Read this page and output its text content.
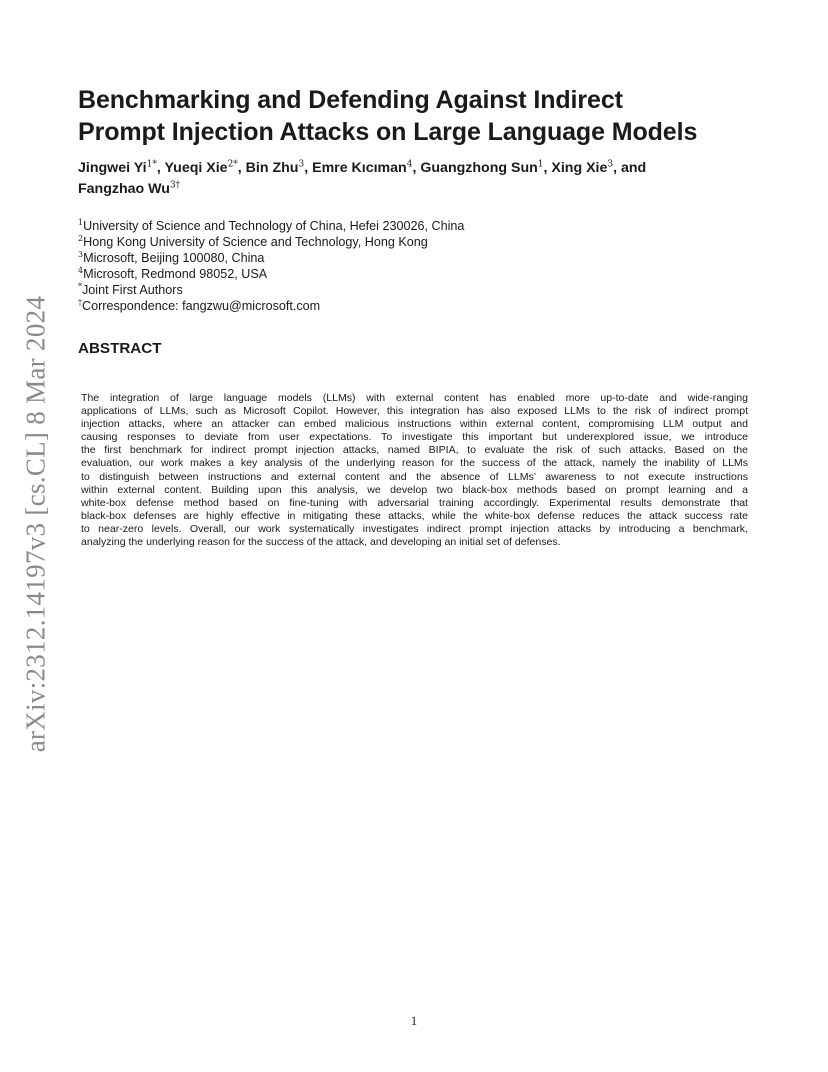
arXiv:2312.14197v3 [cs.CL] 8 Mar 2024
Benchmarking and Defending Against Indirect
Prompt Injection Attacks on Large Language Models
Jingwei $Yi^{1*}$, Yueqi Xie$^{2*}$, Bin Zhu$^3$, Emre Kıcıman$^4$, Guangzhong Sun$^1$, Xing Xie$^3$, and
Fangzhao $Wu^{3\dagger}$
$^1$University of Science and Technology of China, Hefei 230026, China
$^2$Hong Kong University of Science and Technology, Hong Kong
$^3$Microsoft, Beijing 100080, China
$^4$Microsoft, Redmond 98052, USA
*Joint First Authors
†Correspondence: fangzwu@microsoft.com
ABSTRACT
The integration of large language models (LLMs) with external content has enabled more up-to-date and wide-ranging
applications of LLMs, such as Microsoft Copilot. However, this integration has also exposed LLMs to the risk of indirect prompt
injection attacks, where an attacker can embed malicious instructions within external content, compromising LLM output and
causing responses to deviate from user expectations. To investigate this important but underexplored issue, we introduce
the first benchmark for indirect prompt injection attacks, named BIPIA, to evaluate the risk of such attacks. Based on the
evaluation, our work makes a key analysis of the underlying reason for the success of the attack, namely the inability of LLMs
to distinguish between instructions and external content and the absence of LLMs’ awareness to not execute instructions
within external content. Building upon this analysis, we develop two black-box methods based on prompt learning and a
white-box defense method based on fine-tuning with adversarial training accordingly. Experimental results demonstrate that
black-box defenses are highly effective in mitigating these attacks, while the white-box defense reduces the attack success rate
to near-zero levels. Overall, our work systematically investigates indirect prompt injection attacks by introducing a benchmark,
analyzing the underlying reason for the success of the attack, and developing an initial set of defenses.
1
